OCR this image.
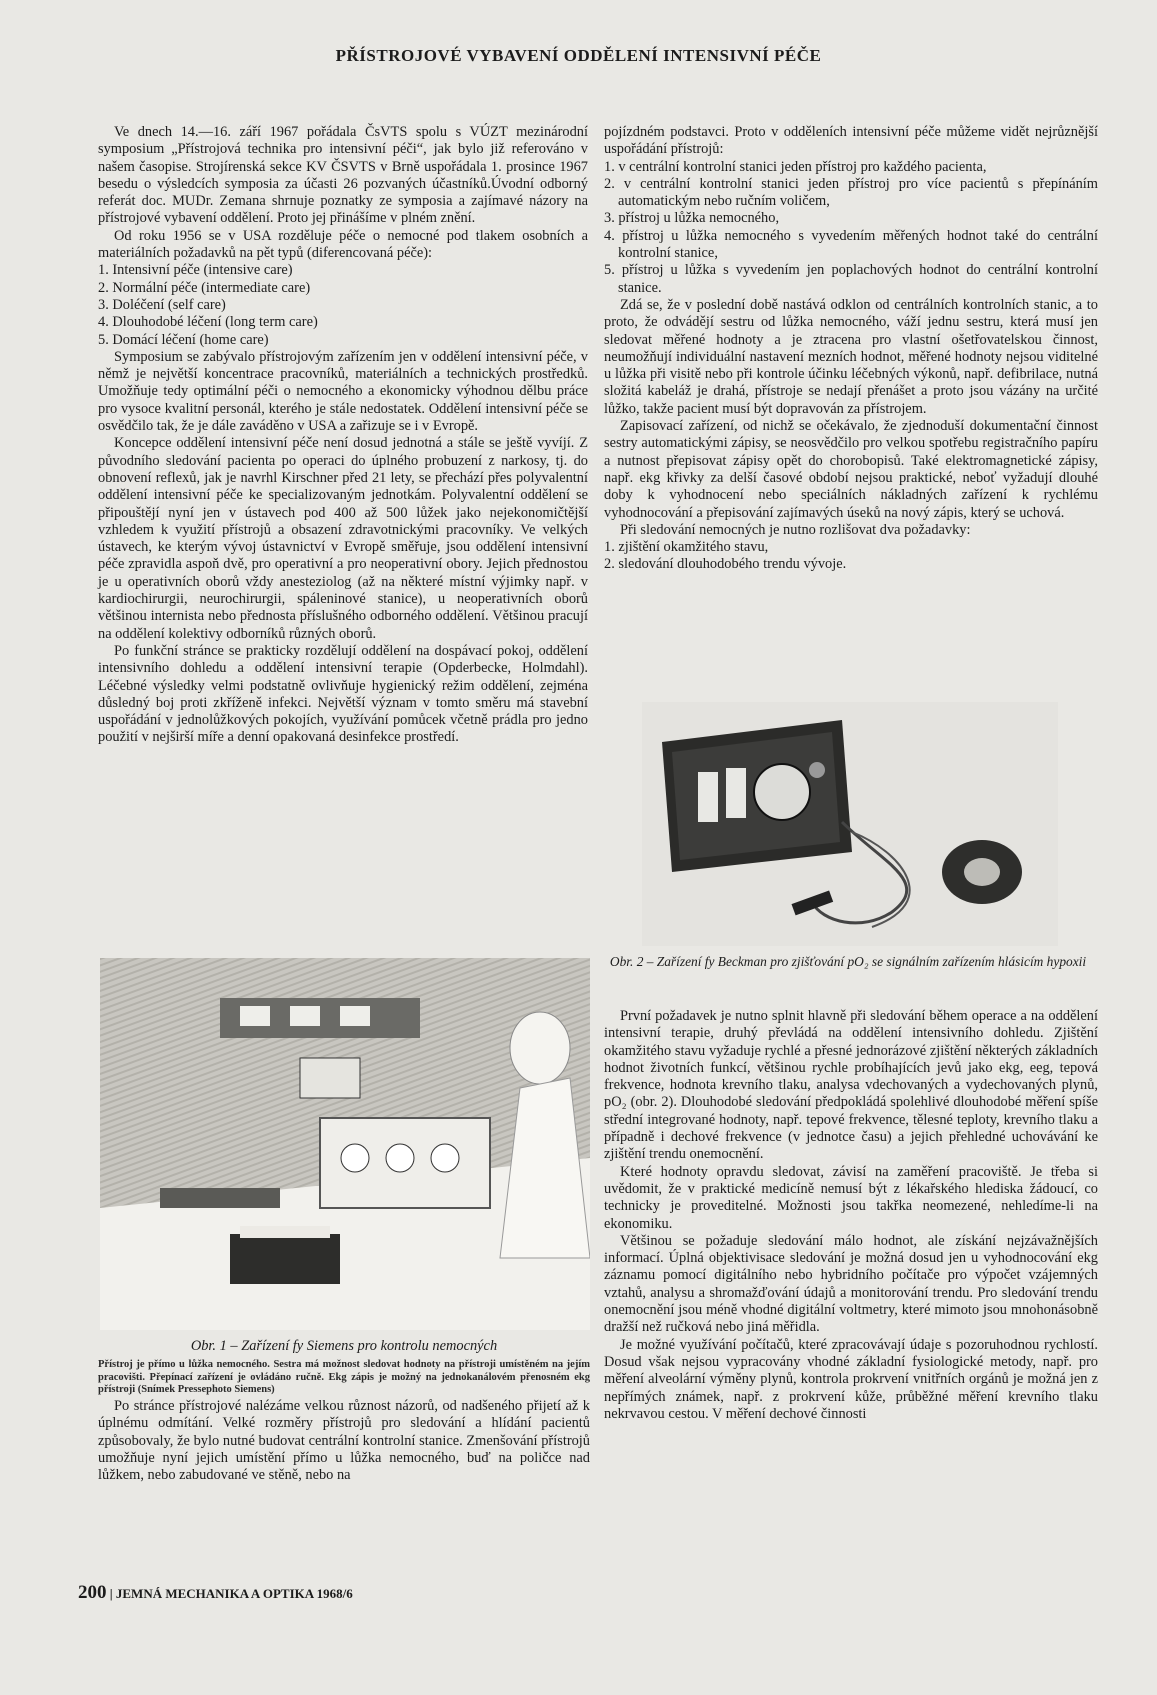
PŘÍSTROJOVÉ VYBAVENÍ ODDĚLENÍ INTENSIVNÍ PÉČE

Ve dnech 14.—16. září 1967 pořádala ČsVTS spolu s VÚZT mezinárodní symposium „Přístrojová technika pro intensivní péči“, jak bylo již referováno v našem časopise. Strojírenská sekce KV ČSVTS v Brně uspořádala 1. prosince 1967 besedu o výsledcích symposia za účasti 26 pozvaných účastníků.Úvodní odborný referát doc. MUDr. Zemana shrnuje poznatky ze symposia a zajímavé názory na přístrojové vybavení oddělení. Proto jej přinášíme v plném znění.

Od roku 1956 se v USA rozděluje péče o nemocné pod tlakem osobních a materiálních požadavků na pět typů (diferencovaná péče):

1. Intensivní péče (intensive care)

2. Normální péče (intermediate care)

3. Doléčení (self care)

4. Dlouhodobé léčení (long term care)

5. Domácí léčení (home care)

Symposium se zabývalo přístrojovým zařízením jen v oddělení intensivní péče, v němž je největší koncentrace pracovníků, materiálních a technických prostředků. Umožňuje tedy optimální péči o nemocného a ekonomicky výhodnou dělbu práce pro vysoce kvalitní personál, kterého je stále nedostatek. Oddělení intensivní péče se osvědčilo tak, že je dále zaváděno v USA a zařizuje se i v Evropě.

Koncepce oddělení intensivní péče není dosud jednotná a stále se ještě vyvíjí. Z původního sledování pacienta po operaci do úplného probuzení z narkosy, tj. do obnovení reflexů, jak je navrhl Kirschner před 21 lety, se přechází přes polyvalentní oddělení intensivní péče ke specializovaným jednotkám. Polyvalentní oddělení se připouštějí nyní jen v ústavech pod 400 až 500 lůžek jako nejekonomičtější vzhledem k využití přístrojů a obsazení zdravotnickými pracovníky. Ve velkých ústavech, ke kterým vývoj ústavnictví v Evropě směřuje, jsou oddělení intensivní péče zpravidla aspoň dvě, pro operativní a pro neoperativní obory. Jejich přednostou je u operativních oborů vždy anesteziolog (až na některé místní výjimky např. v kardiochirurgii, neurochirurgii, spáleninové stanice), u neoperativních oborů většinou internista nebo přednosta příslušného odborného oddělení. Většinou pracují na oddělení kolektivy odborníků různých oborů.

Po funkční stránce se prakticky rozdělují oddělení na dospávací pokoj, oddělení intensivního dohledu a oddělení intensivní terapie (Opderbecke, Holmdahl). Léčebné výsledky velmi podstatně ovlivňuje hygienický režim oddělení, zejména důsledný boj proti zkříženě infekci. Největší význam v tomto směru má stavební uspořádání v jednolůžkových pokojích, využívání pomůcek včetně prádla pro jedno použití v nejširší míře a denní opakovaná desinfekce prostředí.

Obr. 1 – Zařízení fy Siemens pro kontrolu nemocných
Přístroj je přímo u lůžka nemocného. Sestra má možnost sledovat hodnoty na přístroji umístěném na jejím pracovišti. Přepínací zařízení je ovládáno ručně. Ekg zápis je možný na jednokanálovém přenosném ekg přístroji (Snímek Pressephoto Siemens)

Po stránce přístrojové nalézáme velkou různost názorů, od nadšeného přijetí až k úplnému odmítání. Velké rozměry přístrojů pro sledování a hlídání pacientů způsobovaly, že bylo nutné budovat centrální kontrolní stanice. Zmenšování přístrojů umožňuje nyní jejich umístění přímo u lůžka nemocného, buď na poličce nad lůžkem, nebo zabudované ve stěně, nebo na

pojízdném podstavci. Proto v odděleních intensivní péče můžeme vidět nejrůznější uspořádání přístrojů:

1. v centrální kontrolní stanici jeden přístroj pro každého pacienta,

2. v centrální kontrolní stanici jeden přístroj pro více pacientů s přepínáním automatickým nebo ručním voličem,

3. přístroj u lůžka nemocného,

4. přístroj u lůžka nemocného s vyvedením měřených hodnot také do centrální kontrolní stanice,

5. přístroj u lůžka s vyvedením jen poplachových hodnot do centrální kontrolní stanice.

Zdá se, že v poslední době nastává odklon od centrálních kontrolních stanic, a to proto, že odvádějí sestru od lůžka nemocného, váží jednu sestru, která musí jen sledovat měřené hodnoty a je ztracena pro vlastní ošetřovatelskou činnost, neumožňují individuální nastavení mezních hodnot, měřené hodnoty nejsou viditelné u lůžka při visitě nebo při kontrole účinku léčebných výkonů, např. defibrilace, nutná složitá kabeláž je drahá, přístroje se nedají přenášet a proto jsou vázány na určité lůžko, takže pacient musí být dopravován za přístrojem.

Zapisovací zařízení, od nichž se očekávalo, že zjednoduší dokumentační činnost sestry automatickými zápisy, se neosvědčilo pro velkou spotřebu registračního papíru a nutnost přepisovat zápisy opět do chorobopisů. Také elektromagnetické zápisy, např. ekg křivky za delší časové období nejsou praktické, neboť vyžadují dlouhé doby k vyhodnocení nebo speciálních nákladných zařízení k rychlému vyhodnocování a přepisování zajímavých úseků na nový zápis, který se uchová.

Při sledování nemocných je nutno rozlišovat dva požadavky:

1. zjištění okamžitého stavu,

2. sledování dlouhodobého trendu vývoje.

Obr. 2 – Zařízení fy Beckman pro zjišťování pO₂ se signálním zařízením hlásicím hypoxii

První požadavek je nutno splnit hlavně při sledování během operace a na oddělení intensivní terapie, druhý převládá na oddělení intensivního dohledu. Zjištění okamžitého stavu vyžaduje rychlé a přesné jednorázové zjištění některých základních hodnot životních funkcí, většinou rychle probíhajících jevů jako ekg, eeg, tepová frekvence, hodnota krevního tlaku, analysa vdechovaných a vydechovaných plynů, pO₂ (obr. 2). Dlouhodobé sledování předpokládá spolehlivé dlouhodobé měření spíše střední integrované hodnoty, např. tepové frekvence, tělesné teploty, krevního tlaku a případně i dechové frekvence (v jednotce času) a jejich přehledné uchovávání ke zjištění trendu onemocnění.

Které hodnoty opravdu sledovat, závisí na zaměření pracoviště. Je třeba si uvědomit, že v praktické medicíně nemusí být z lékařského hlediska žádoucí, co technicky je proveditelné. Možnosti jsou takřka neomezené, nehledíme-li na ekonomiku.

Většinou se požaduje sledování málo hodnot, ale získání nejzávažnějších informací. Úplná objektivisace sledování je možná dosud jen u vyhodnocování ekg záznamu pomocí digitálního nebo hybridního počítače pro výpočet vzájemných vztahů, analysu a shromažďování údajů a monitorování trendu. Pro sledování trendu onemocnění jsou méně vhodné digitální voltmetry, které mimoto jsou mnohonásobně dražší než ručková nebo jiná měřidla.

Je možné využívání počítačů, které zpracovávají údaje s pozoruhodnou rychlostí. Dosud však nejsou vypracovány vhodné základní fysiologické metody, např. pro měření alveolární výměny plynů, kontrola prokrvení vnitřních orgánů je možná jen z nepřímých známek, např. z prokrvení kůže, průběžné měření krevního tlaku nekrvavou cestou. V měření dechové činnosti

200 | JEMNÁ MECHANIKA A OPTIKA 1968/6
